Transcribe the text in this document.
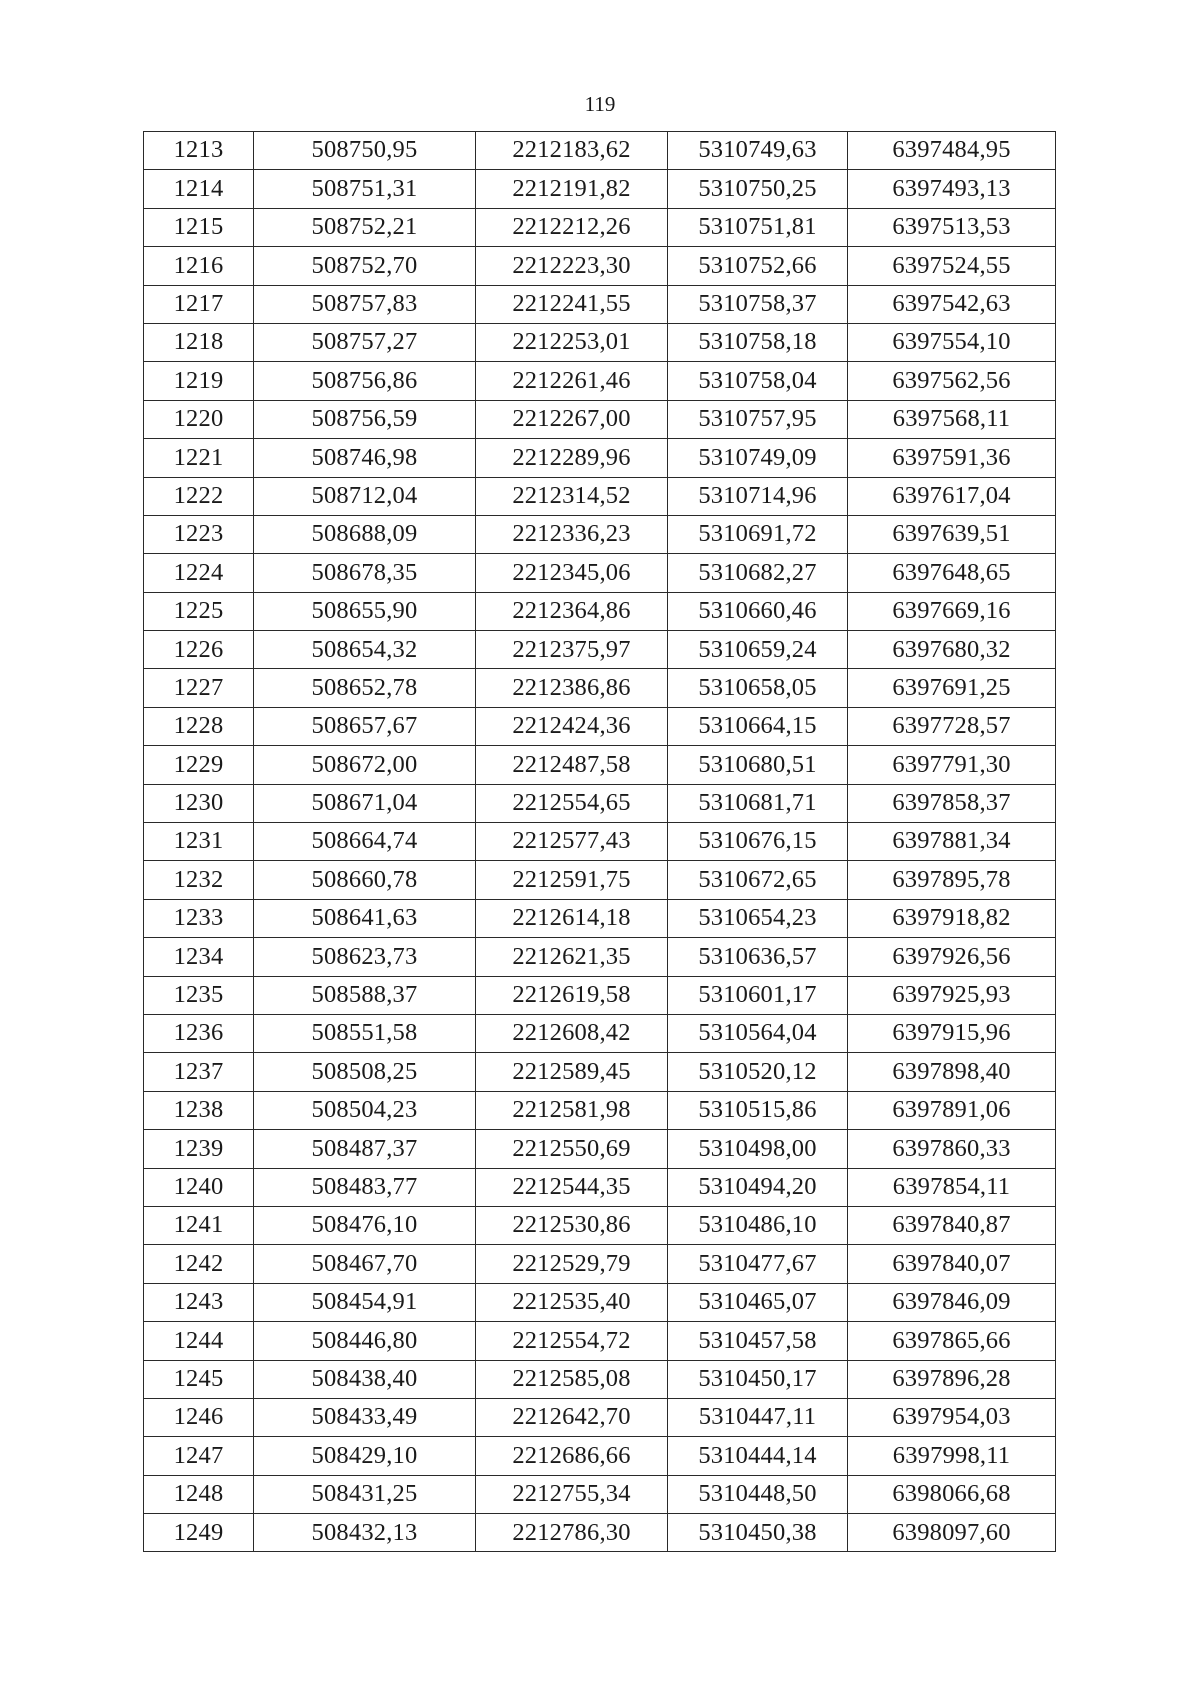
119
1213	508750,95	2212183,62	5310749,63	6397484,95
1214	508751,31	2212191,82	5310750,25	6397493,13
1215	508752,21	2212212,26	5310751,81	6397513,53
1216	508752,70	2212223,30	5310752,66	6397524,55
1217	508757,83	2212241,55	5310758,37	6397542,63
1218	508757,27	2212253,01	5310758,18	6397554,10
1219	508756,86	2212261,46	5310758,04	6397562,56
1220	508756,59	2212267,00	5310757,95	6397568,11
1221	508746,98	2212289,96	5310749,09	6397591,36
1222	508712,04	2212314,52	5310714,96	6397617,04
1223	508688,09	2212336,23	5310691,72	6397639,51
1224	508678,35	2212345,06	5310682,27	6397648,65
1225	508655,90	2212364,86	5310660,46	6397669,16
1226	508654,32	2212375,97	5310659,24	6397680,32
1227	508652,78	2212386,86	5310658,05	6397691,25
1228	508657,67	2212424,36	5310664,15	6397728,57
1229	508672,00	2212487,58	5310680,51	6397791,30
1230	508671,04	2212554,65	5310681,71	6397858,37
1231	508664,74	2212577,43	5310676,15	6397881,34
1232	508660,78	2212591,75	5310672,65	6397895,78
1233	508641,63	2212614,18	5310654,23	6397918,82
1234	508623,73	2212621,35	5310636,57	6397926,56
1235	508588,37	2212619,58	5310601,17	6397925,93
1236	508551,58	2212608,42	5310564,04	6397915,96
1237	508508,25	2212589,45	5310520,12	6397898,40
1238	508504,23	2212581,98	5310515,86	6397891,06
1239	508487,37	2212550,69	5310498,00	6397860,33
1240	508483,77	2212544,35	5310494,20	6397854,11
1241	508476,10	2212530,86	5310486,10	6397840,87
1242	508467,70	2212529,79	5310477,67	6397840,07
1243	508454,91	2212535,40	5310465,07	6397846,09
1244	508446,80	2212554,72	5310457,58	6397865,66
1245	508438,40	2212585,08	5310450,17	6397896,28
1246	508433,49	2212642,70	5310447,11	6397954,03
1247	508429,10	2212686,66	5310444,14	6397998,11
1248	508431,25	2212755,34	5310448,50	6398066,68
1249	508432,13	2212786,30	5310450,38	6398097,60
